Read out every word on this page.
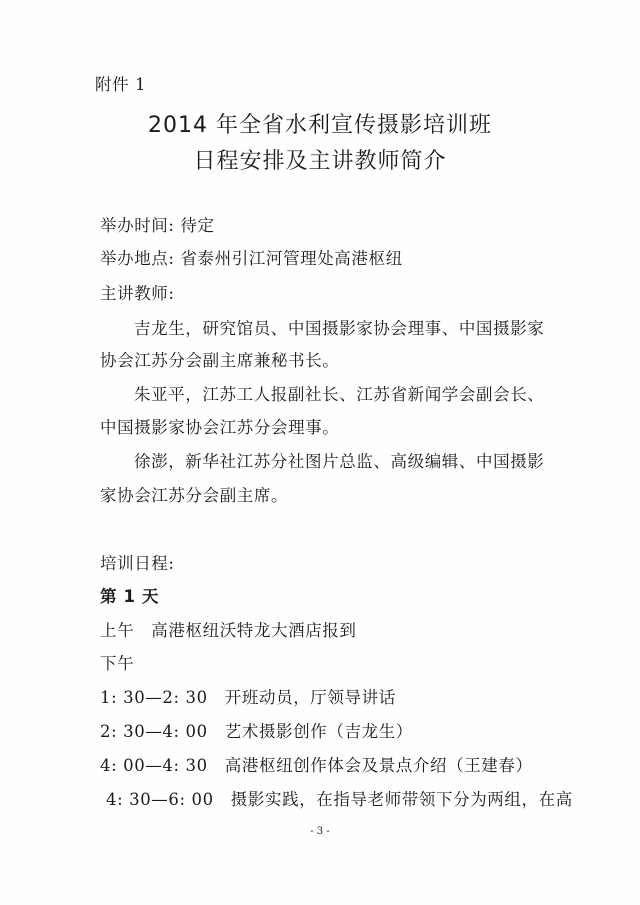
附件 1
2014 年全省水利宣传摄影培训班
日程安排及主讲教师简介
举办时间: 待定
举办地点: 省泰州引江河管理处高港枢纽
主讲教师:
吉龙生，研究馆员、中国摄影家协会理事、中国摄影家
协会江苏分会副主席兼秘书长。
朱亚平，江苏工人报副社长、江苏省新闻学会副会长、
中国摄影家协会江苏分会理事。
徐澎，新华社江苏分社图片总监、高级编辑、中国摄影
家协会江苏分会副主席。
培训日程:
第 1 天
上午　高港枢纽沃特龙大酒店报到
下午
1: 30—2: 30　开班动员，厅领导讲话
2: 30—4: 00　艺术摄影创作（吉龙生）
4: 00—4: 30　高港枢纽创作体会及景点介绍（王建春）
4: 30—6: 00　摄影实践，在指导老师带领下分为两组，在高
- 3 -
